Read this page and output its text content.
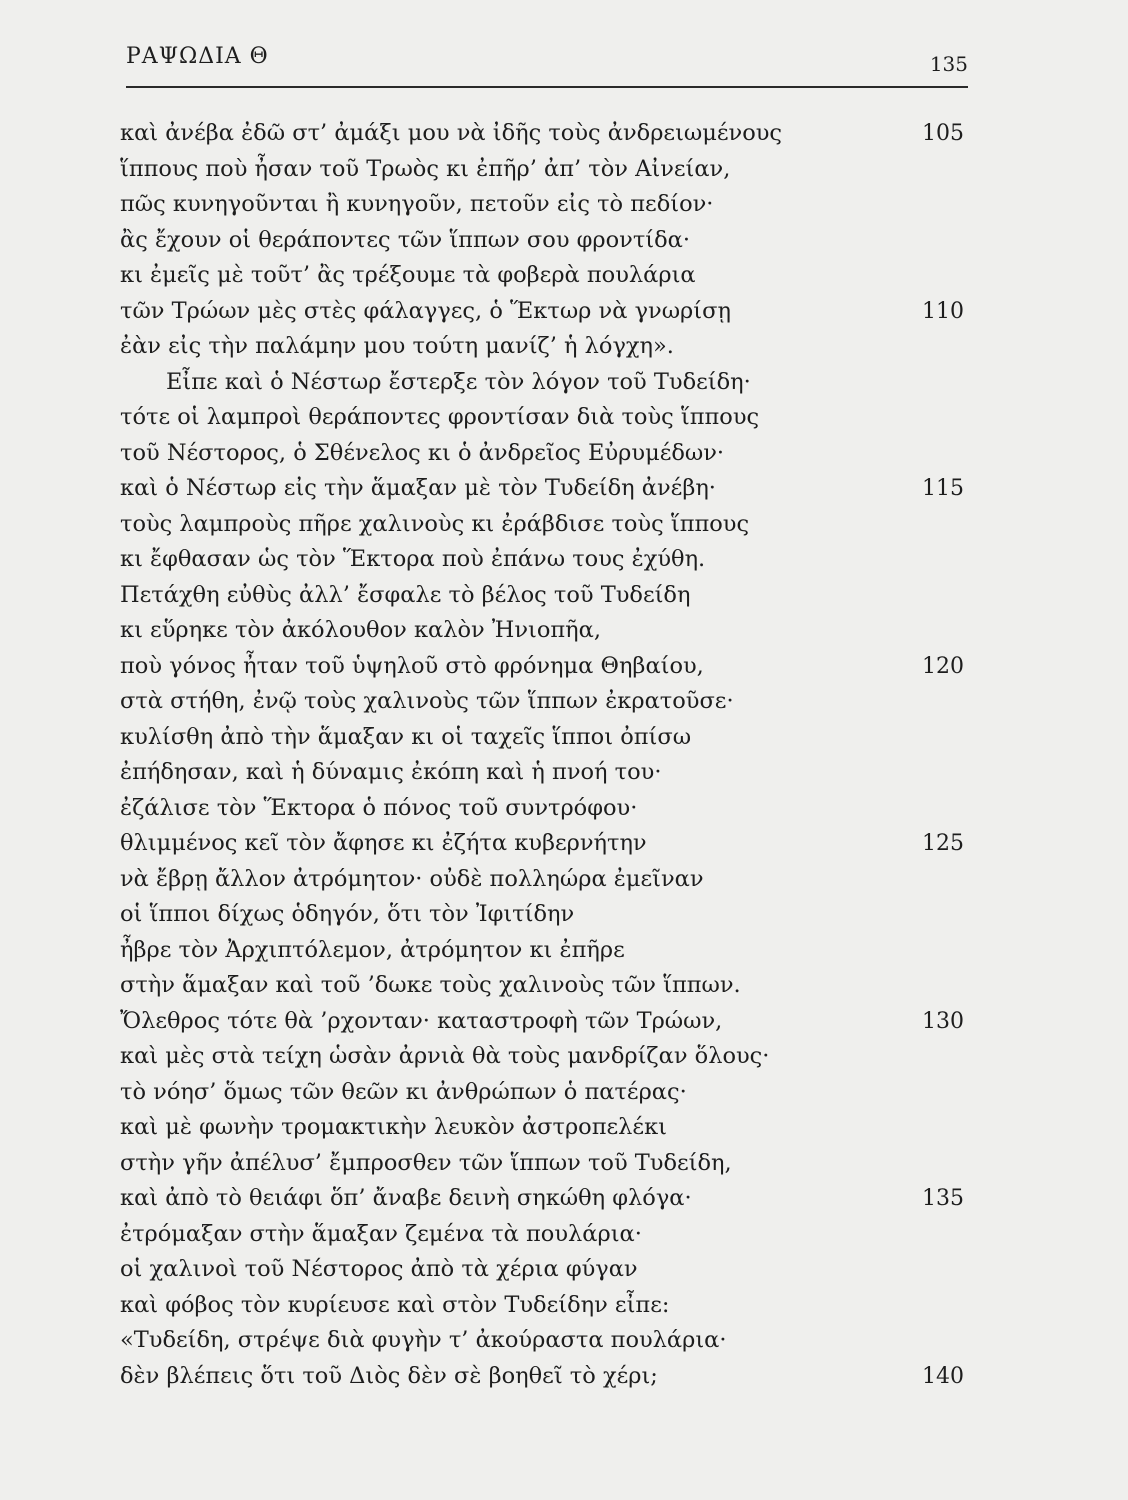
ΡΑΨΩΔΙΑ Θ	135
καὶ ἀνέβα ἐδῶ στ’ ἀμάξι μου νὰ ἰδῆς τοὺς ἀνδρειωμένους	105
ἵππους ποὺ ἦσαν τοῦ Τρωὸς κι ἐπῆρ’ ἀπ’ τὸν Αἰνείαν,
πῶς κυνηγοῦνται ἢ κυνηγοῦν, πετοῦν εἰς τὸ πεδίον·
ἂς ἔχουν οἱ θεράποντες τῶν ἵππων σου φροντίδα·
κι ἐμεῖς μὲ τοῦτ’ ἂς τρέξουμε τὰ φοβερὰ πουλάρια
τῶν Τρώων μὲς στὲς φάλαγγες, ὁ Ἕκτωρ νὰ γνωρίσῃ	110
ἐὰν εἰς τὴν παλάμην μου τούτη μανίζ’ ἡ λόγχη».
Εἶπε καὶ ὁ Νέστωρ ἔστερξε τὸν λόγον τοῦ Τυδείδη·
τότε οἱ λαμπροὶ θεράποντες φροντίσαν διὰ τοὺς ἵππους
τοῦ Νέστορος, ὁ Σθένελος κι ὁ ἀνδρεῖος Εὐρυμέδων·
καὶ ὁ Νέστωρ εἰς τὴν ἅμαξαν μὲ τὸν Τυδείδη ἀνέβη·	115
τοὺς λαμπροὺς πῆρε χαλινοὺς κι ἐράβδισε τοὺς ἵππους
κι ἔφθασαν ὡς τὸν Ἕκτορα ποὺ ἐπάνω τους ἐχύθη.
Πετάχθη εὐθὺς ἀλλ’ ἔσφαλε τὸ βέλος τοῦ Τυδείδη
κι εὕρηκε τὸν ἀκόλουθον καλὸν Ἠνιοπῆα,
ποὺ γόνος ἦταν τοῦ ὑψηλοῦ στὸ φρόνημα Θηβαίου,	120
στὰ στήθη, ἐνῷ τοὺς χαλινοὺς τῶν ἵππων ἐκρατοῦσε·
κυλίσθη ἀπὸ τὴν ἅμαξαν κι οἱ ταχεῖς ἵπποι ὀπίσω
ἐπήδησαν, καὶ ἡ δύναμις ἐκόπη καὶ ἡ πνοή του·
ἐζάλισε τὸν Ἕκτορα ὁ πόνος τοῦ συντρόφου·
θλιμμένος κεῖ τὸν ἄφησε κι ἐζήτα κυβερνήτην	125
νὰ ἔβρῃ ἄλλον ἀτρόμητον· οὐδὲ πολληώρα ἐμεῖναν
οἱ ἵπποι δίχως ὁδηγόν, ὅτι τὸν Ἰφιτίδην
ἦβρε τὸν Ἀρχιπτόλεμον, ἀτρόμητον κι ἐπῆρε
στὴν ἅμαξαν καὶ τοῦ ’δωκε τοὺς χαλινοὺς τῶν ἵππων.
Ὄλεθρος τότε θὰ ’ρχονταν· καταστροφὴ τῶν Τρώων,	130
καὶ μὲς στὰ τείχη ὡσὰν ἀρνιὰ θὰ τοὺς μανδρίζαν ὅλους·
τὸ νόησ’ ὅμως τῶν θεῶν κι ἀνθρώπων ὁ πατέρας·
καὶ μὲ φωνὴν τρομακτικὴν λευκὸν ἀστροπελέκι
στὴν γῆν ἀπέλυσ’ ἔμπροσθεν τῶν ἵππων τοῦ Τυδείδη,
καὶ ἀπὸ τὸ θειάφι ὅπ’ ἄναβε δεινὴ σηκώθη φλόγα·	135
ἐτρόμαξαν στὴν ἅμαξαν ζεμένα τὰ πουλάρια·
οἱ χαλινοὶ τοῦ Νέστορος ἀπὸ τὰ χέρια φύγαν
καὶ φόβος τὸν κυρίευσε καὶ στὸν Τυδείδην εἶπε:
«Τυδείδη, στρέψε διὰ φυγὴν τ’ ἀκούραστα πουλάρια·
δὲν βλέπεις ὅτι τοῦ Διὸς δὲν σὲ βοηθεῖ τὸ χέρι;	140
